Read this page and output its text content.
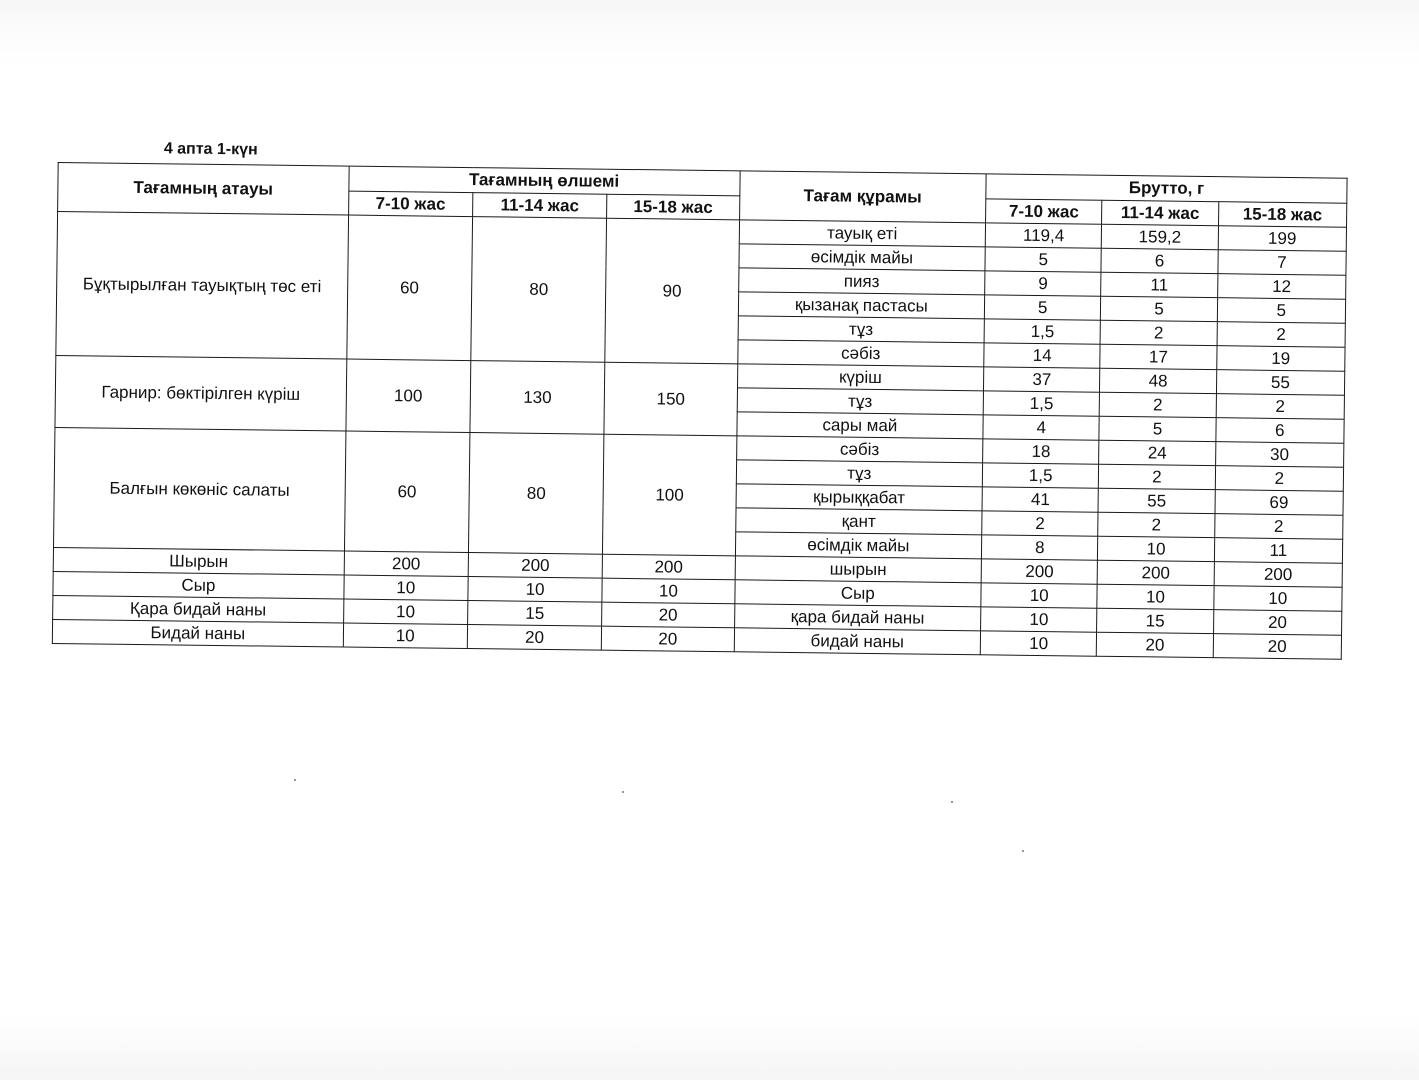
4 апта 1-күн
Тағамның атауы	Тағамның өлшемі			Тағам құрамы	Брутто, г		
	7-10 жас	11-14 жас	15-18 жас		7-10 жас	11-14 жас	15-18 жас
Бұқтырылған тауықтың төс еті	60	80	90	тауық еті	119,4	159,2	199
				өсімдік майы	5	6	7
				пияз	9	11	12
				қызанақ пастасы	5	5	5
				тұз	1,5	2	2
				сәбіз	14	17	19
Гарнир: бөктірілген күріш	100	130	150	күріш	37	48	55
				тұз	1,5	2	2
				сары май	4	5	6
Балғын көкөніс салаты	60	80	100	сәбіз	18	24	30
				тұз	1,5	2	2
				қырыққабат	41	55	69
				қант	2	2	2
				өсімдік майы	8	10	11
Шырын	200	200	200	шырын	200	200	200
Сыр	10	10	10	Сыр	10	10	10
Қара бидай наны	10	15	20	қара бидай наны	10	15	20
Бидай наны	10	20	20	бидай наны	10	20	20
